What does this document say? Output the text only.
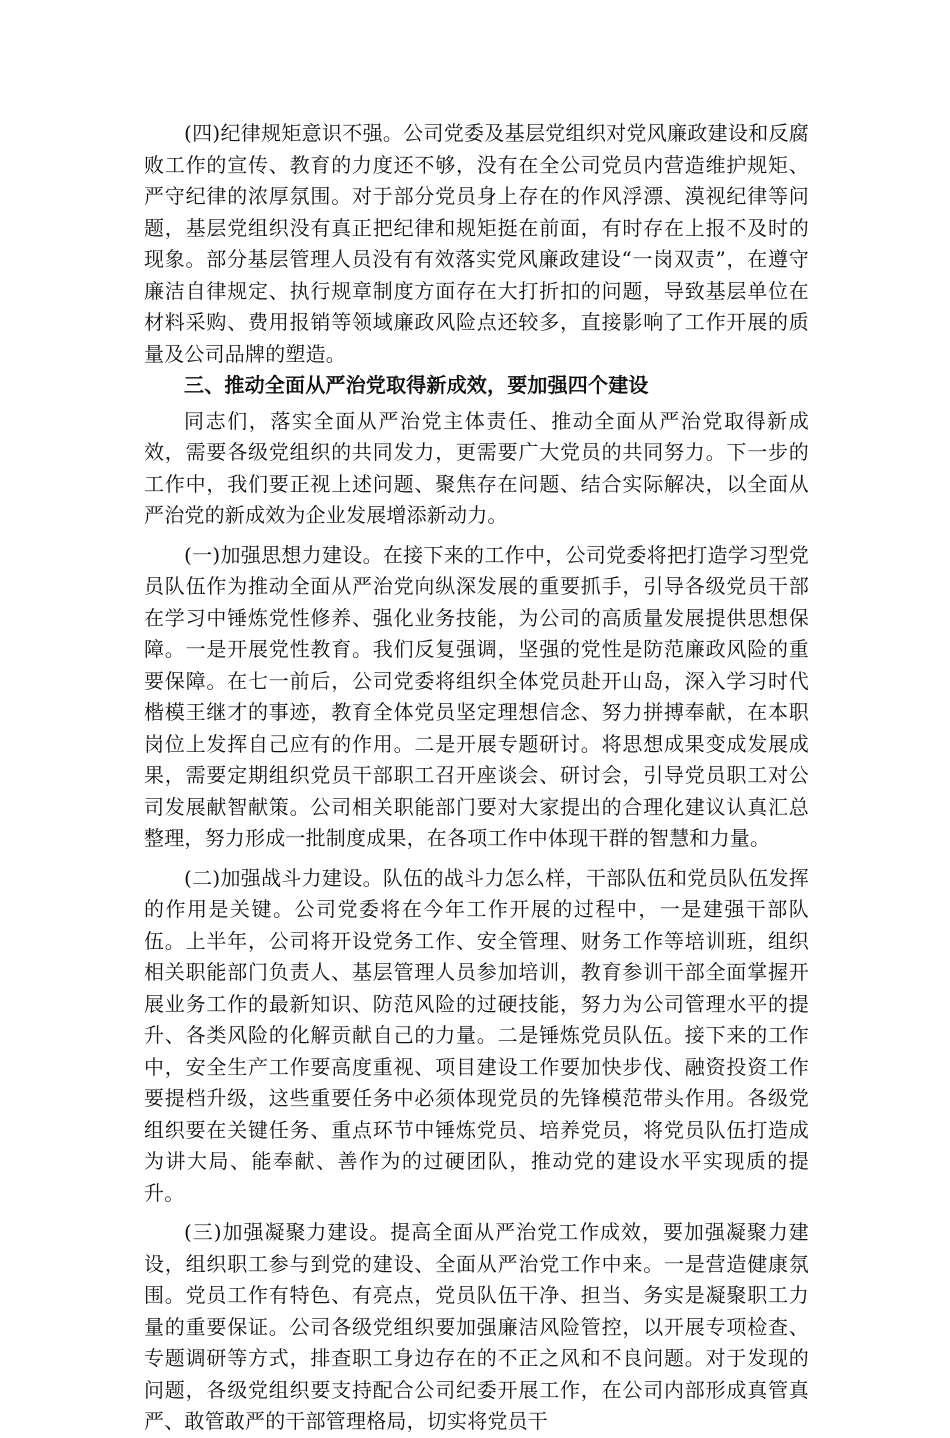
(四)纪律规矩意识不强。公司党委及基层党组织对党风廉政建设和反腐败工作的宣传、教育的力度还不够，没有在全公司党员内营造维护规矩、严守纪律的浓厚氛围。对于部分党员身上存在的作风浮漂、漠视纪律等问题，基层党组织没有真正把纪律和规矩挺在前面，有时存在上报不及时的现象。部分基层管理人员没有有效落实党风廉政建设“一岗双责”，在遵守廉洁自律规定、执行规章制度方面存在大打折扣的问题，导致基层单位在材料采购、费用报销等领域廉政风险点还较多，直接影响了工作开展的质量及公司品牌的塑造。

三、推动全面从严治党取得新成效，要加强四个建设

同志们，落实全面从严治党主体责任、推动全面从严治党取得新成效，需要各级党组织的共同发力，更需要广大党员的共同努力。下一步的工作中，我们要正视上述问题、聚焦存在问题、结合实际解决，以全面从严治党的新成效为企业发展增添新动力。

(一)加强思想力建设。在接下来的工作中，公司党委将把打造学习型党员队伍作为推动全面从严治党向纵深发展的重要抓手，引导各级党员干部在学习中锤炼党性修养、强化业务技能，为公司的高质量发展提供思想保障。一是开展党性教育。我们反复强调，坚强的党性是防范廉政风险的重要保障。在七一前后，公司党委将组织全体党员赴开山岛，深入学习时代楷模王继才的事迹，教育全体党员坚定理想信念、努力拼搏奉献，在本职岗位上发挥自己应有的作用。二是开展专题研讨。将思想成果变成发展成果，需要定期组织党员干部职工召开座谈会、研讨会，引导党员职工对公司发展献智献策。公司相关职能部门要对大家提出的合理化建议认真汇总整理，努力形成一批制度成果，在各项工作中体现干群的智慧和力量。

(二)加强战斗力建设。队伍的战斗力怎么样，干部队伍和党员队伍发挥的作用是关键。公司党委将在今年工作开展的过程中，一是建强干部队伍。上半年，公司将开设党务工作、安全管理、财务工作等培训班，组织相关职能部门负责人、基层管理人员参加培训，教育参训干部全面掌握开展业务工作的最新知识、防范风险的过硬技能，努力为公司管理水平的提升、各类风险的化解贡献自己的力量。二是锤炼党员队伍。接下来的工作中，安全生产工作要高度重视、项目建设工作要加快步伐、融资投资工作要提档升级，这些重要任务中必须体现党员的先锋模范带头作用。各级党组织要在关键任务、重点环节中锤炼党员、培养党员，将党员队伍打造成为讲大局、能奉献、善作为的过硬团队，推动党的建设水平实现质的提升。

(三)加强凝聚力建设。提高全面从严治党工作成效，要加强凝聚力建设，组织职工参与到党的建设、全面从严治党工作中来。一是营造健康氛围。党员工作有特色、有亮点，党员队伍干净、担当、务实是凝聚职工力量的重要保证。公司各级党组织要加强廉洁风险管控，以开展专项检查、专题调研等方式，排查职工身边存在的不正之风和不良问题。对于发现的问题，各级党组织要支持配合公司纪委开展工作，在公司内部形成真管真严、敢管敢严的干部管理格局，切实将党员干
